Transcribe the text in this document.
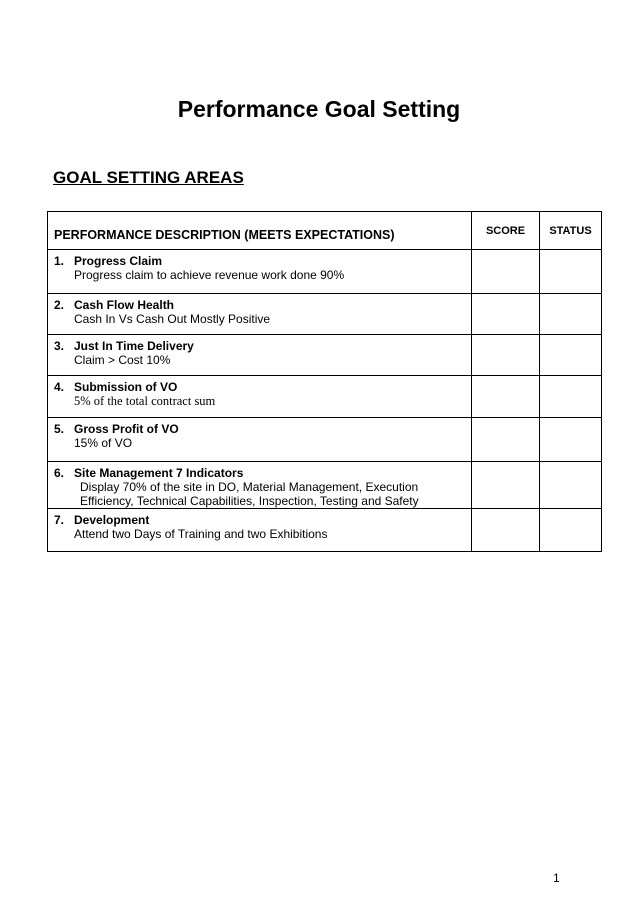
Performance Goal Setting
GOAL SETTING AREAS
PERFORMANCE DESCRIPTION (MEETS EXPECTATIONS)	SCORE	STATUS

1. Progress Claim
Progress claim to achieve revenue work done 90%		

2. Cash Flow Health
Cash In Vs Cash Out Mostly Positive		

3. Just In Time Delivery
Claim > Cost 10%		

4. Submission of VO
5% of the total contract sum		

5. Gross Profit of VO
15% of VO		

6. Site Management 7 Indicators
Display 70% of the site in DO, Material Management, Execution
Efficiency, Technical Capabilities, Inspection, Testing and Safety		

7. Development
Attend two Days of Training and two Exhibitions		

1
